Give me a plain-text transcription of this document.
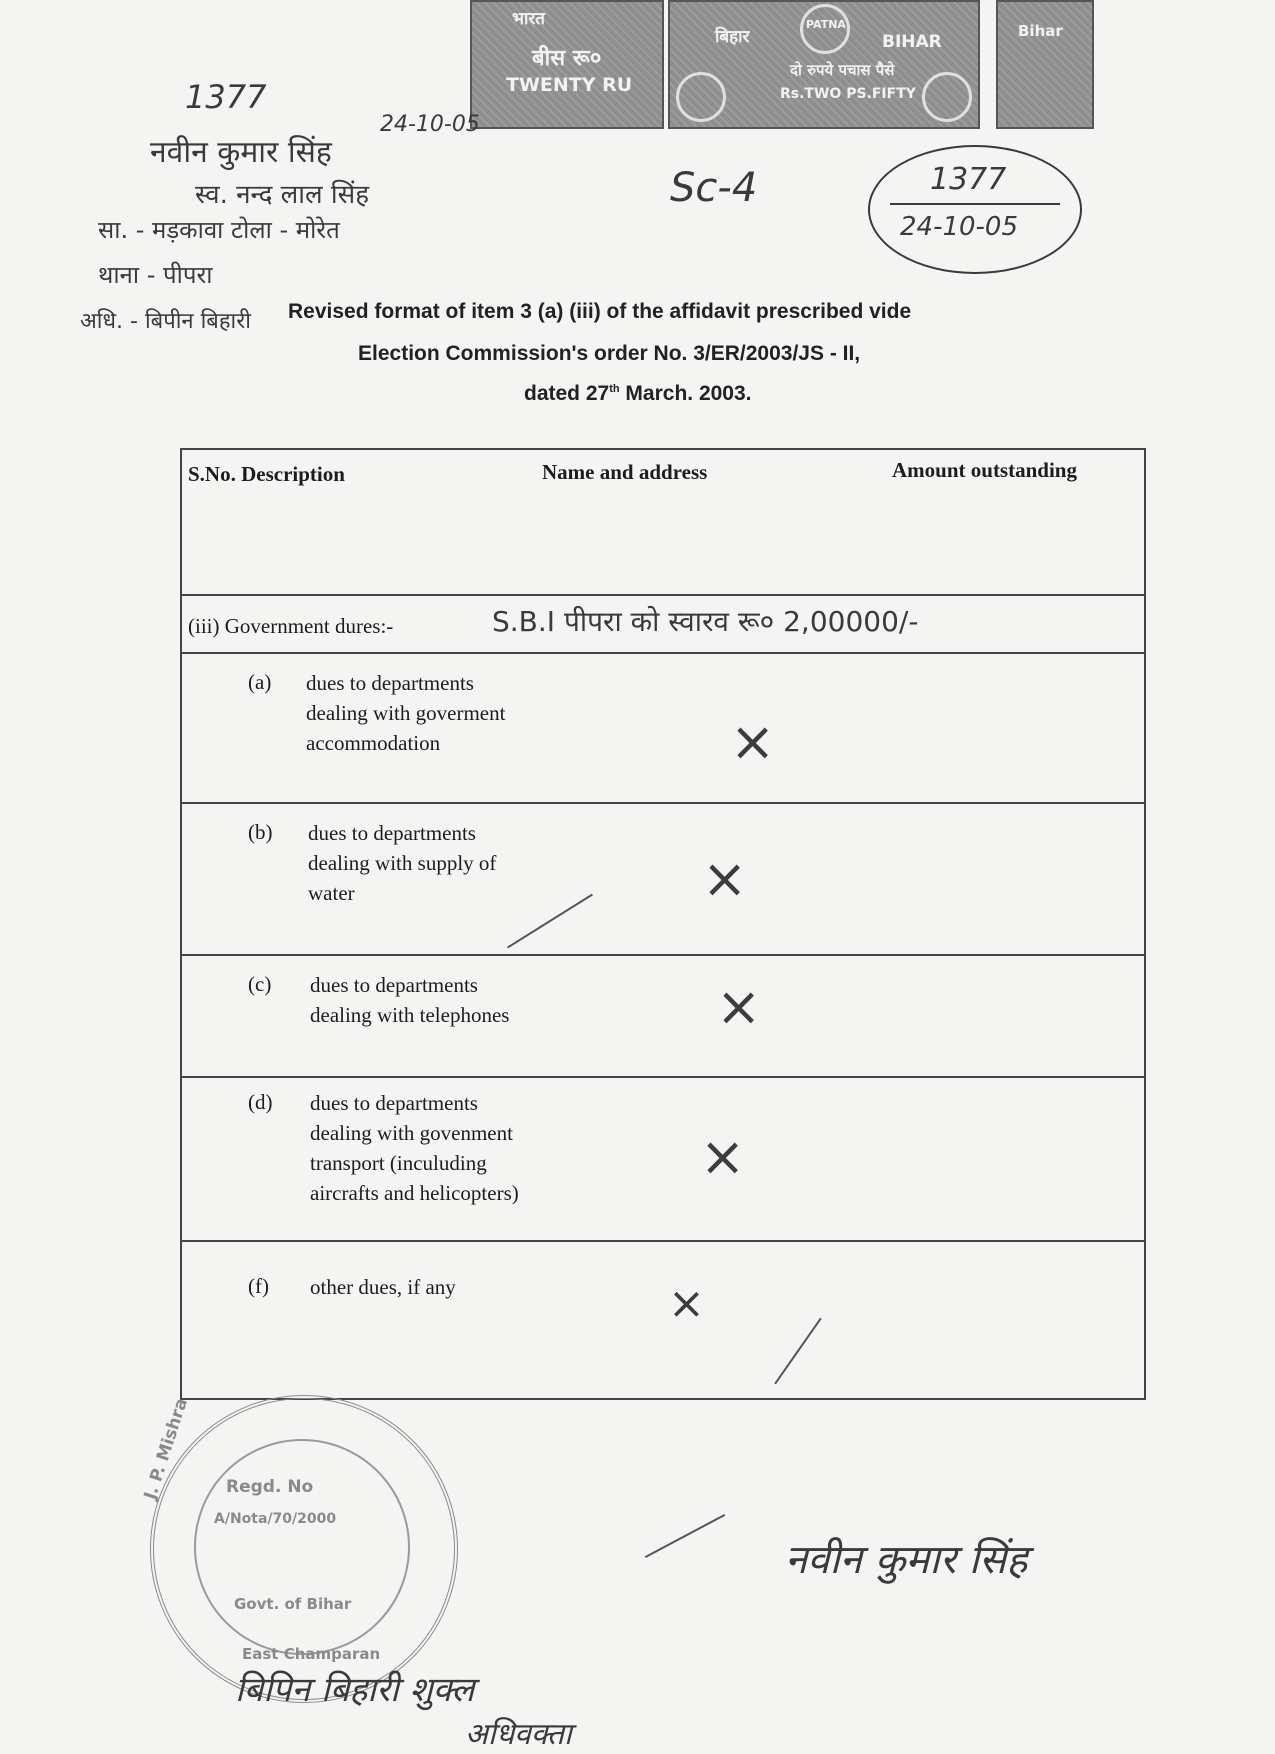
भारत
बीस रू०
TWENTY RU
बिहार	BIHAR
PATNA
दो रुपये पचास पैसे
Rs.TWO PS.FIFTY
Bihar
1377
24-10-05
नवीन कुमार सिंह
स्व. नन्द लाल सिंह
सा. - मड़कावा टोला - मोरेत
थाना - पीपरा
अधि. - बिपीन बिहारी
Sc-4	1377
24-10-05
Revised format of item 3 (a) (iii) of the affidavit prescribed vide
Election Commission's order No. 3/ER/2003/JS - II,
dated 27th March. 2003.
S.No. Description	Name and address	Amount outstanding
(iii) Government dures:-	S.B.I पीपरा को स्वारव रू० 2,00000/-
(a) dues to departments
dealing with goverment
accommodation	×
(b) dues to departments
dealing with supply of
water	×
(c) dues to departments
dealing with telephones	×
(d) dues to departments
dealing with govenment
transport (inculuding
aircrafts and helicopters)
×
(f) other dues, if any	×
J. P. Mishra Regd. No
A/Nota/70/2000
Govt. of Bihar
East Champaran
नवीन कुमार सिंह
बिपिन बिहारी शुक्ल
अधिवक्ता
